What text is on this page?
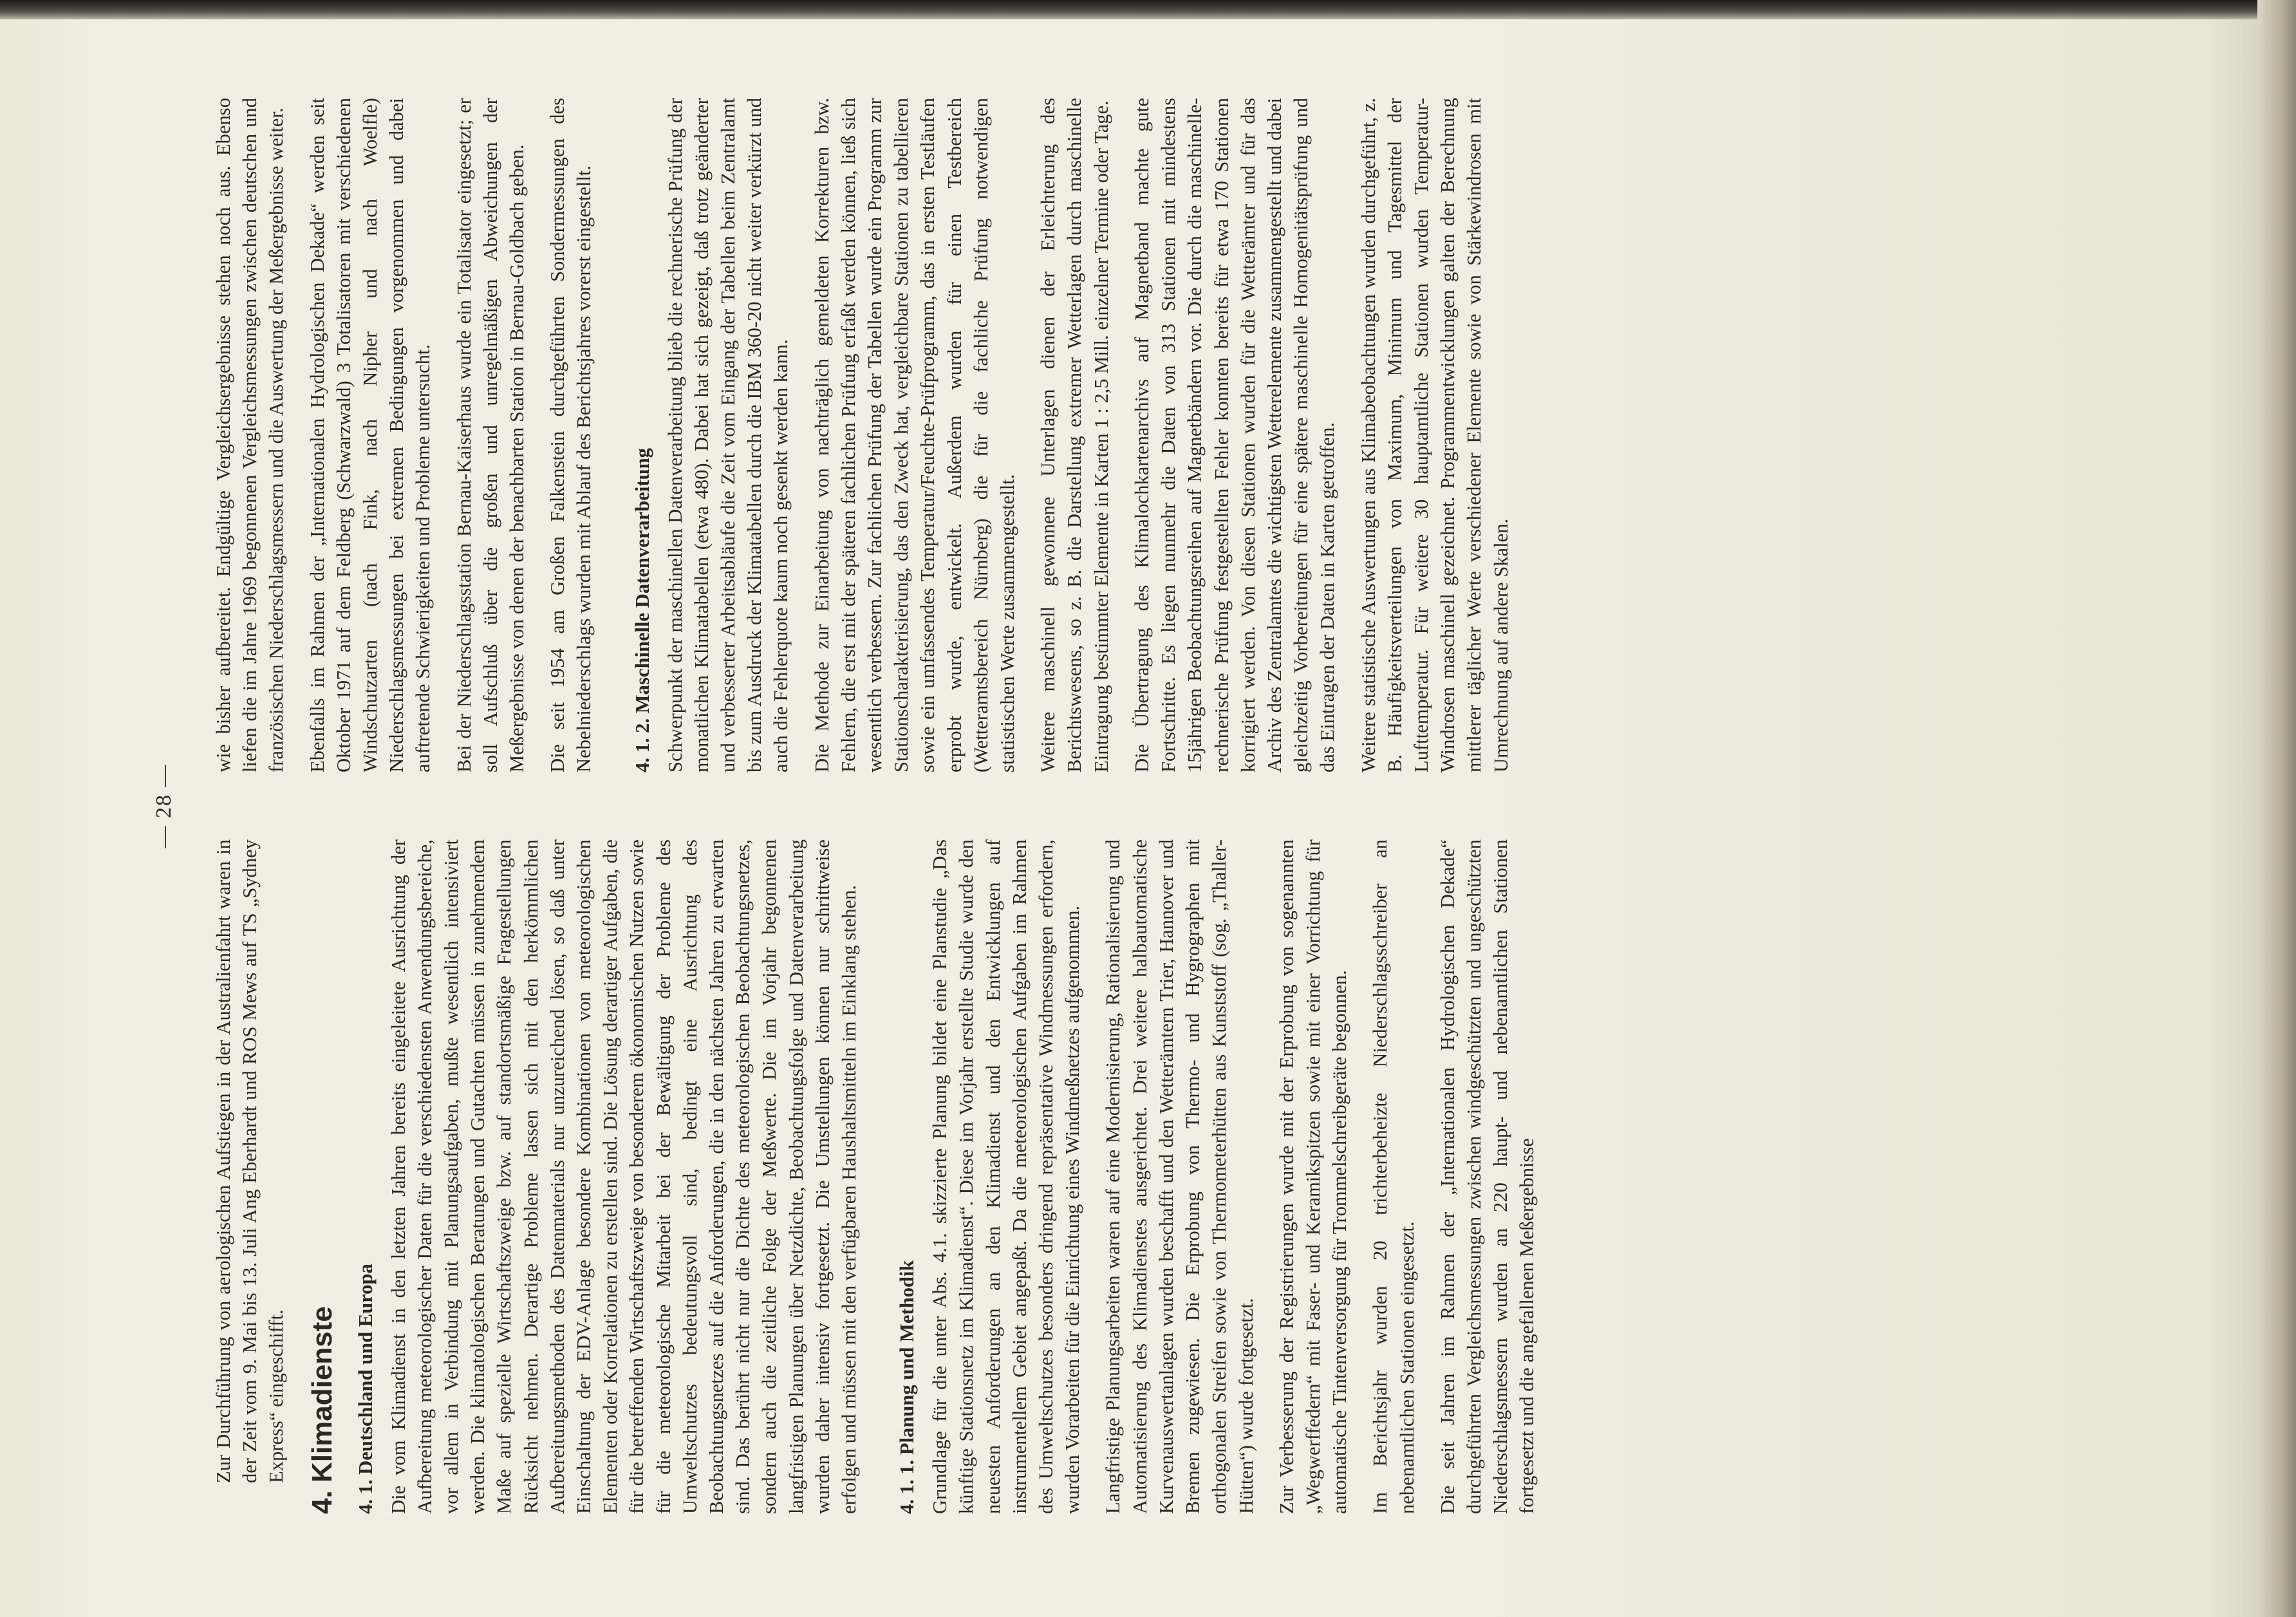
— 28 —

Zur Durchführung von aerologischen Aufstiegen in der Australienfahrt waren in der Zeit vom 9. Mai bis 13. Juli Ang Eberhardt und ROS Mews auf TS „Sydney Express“ eingeschifft. 4. Klimadienste 4. 1. Deutschland und Europa Die vom Klimadienst in den letzten Jahren bereits eingeleitete Ausrichtung der Aufbereitung meteorologischer Daten für die verschiedensten Anwendungsbereiche, vor allem in Verbindung mit Planungsaufgaben, mußte wesentlich intensiviert werden. Die klimatologischen Beratungen und Gutachten müssen in zunehmendem Maße auf spezielle Wirtschaftszweige bzw. auf standortsmäßige Fragestellungen Rücksicht nehmen. Derartige Probleme lassen sich mit den herkömmlichen Aufbereitungsmethoden des Datenmaterials nur unzureichend lösen, so daß unter Einschaltung der EDV-Anlage besondere Kombinationen von meteorologischen Elementen oder Korrelationen zu erstellen sind. Die Lösung derartiger Aufgaben, die für die betreffenden Wirtschaftszweige von besonderem ökonomischen Nutzen sowie für die meteorologische Mitarbeit bei der Bewältigung der Probleme des Umweltschutzes bedeutungsvoll sind, bedingt eine Ausrichtung des Beobachtungsnetzes auf die Anforderungen, die in den nächsten Jahren zu erwarten sind. Das berührt nicht nur die Dichte des meteorologischen Beobachtungsnetzes, sondern auch die zeitliche Folge der Meßwerte. Die im Vorjahr begonnenen langfristigen Planungen über Netzdichte, Beobachtungsfolge und Datenverarbeitung wurden daher intensiv fortgesetzt. Die Umstellungen können nur schrittweise erfolgen und müssen mit den verfügbaren Haushaltsmitteln im Einklang stehen. 4. 1. 1. Planung und Methodik Grundlage für die unter Abs. 4.1. skizzierte Planung bildet eine Planstudie „Das künftige Stationsnetz im Klimadienst“. Diese im Vorjahr erstellte Studie wurde den neuesten Anforderungen an den Klimadienst und den Entwicklungen auf instrumentellem Gebiet angepaßt. Da die meteorologischen Aufgaben im Rahmen des Umweltschutzes besonders dringend repräsentative Windmessungen erfordern, wurden Vorarbeiten für die Einrichtung eines Windmeßnetzes aufgenommen. Langfristige Planungsarbeiten waren auf eine Modernisierung, Rationalisierung und Automatisierung des Klimadienstes ausgerichtet. Drei weitere halbautomatische Kurvenauswertanlagen wurden beschafft und den Wetterämtern Trier, Hannover und Bremen zugewiesen. Die Erprobung von Thermo- und Hygrographen mit orthogonalen Streifen sowie von Thermometerhütten aus Kunststoff (sog. „Thaller-Hütten“) wurde fortgesetzt. Zur Verbesserung der Registrierungen wurde mit der Erprobung von sogenannten „Wegwerffedern“ mit Faser- und Keramikspitzen sowie mit einer Vorrichtung für automatische Tintenversorgung für Trommelschreibgeräte begonnen. Im Berichtsjahr wurden 20 trichterbeheizte Niederschlagsschreiber an nebenamtlichen Stationen eingesetzt. Die seit Jahren im Rahmen der „Internationalen Hydrologischen Dekade“ durchgeführten Vergleichsmessungen zwischen windgeschützten und ungeschützten Niederschlagsmessern wurden an 220 haupt- und nebenamtlichen Stationen fortgesetzt und die angefallenen Meßergebnisse

wie bisher aufbereitet. Endgültige Vergleichsergebnisse stehen noch aus. Ebenso liefen die im Jahre 1969 begonnenen Vergleichsmessungen zwischen deutschen und französischen Niederschlagsmessern und die Auswertung der Meßergebnisse weiter. Ebenfalls im Rahmen der „Internationalen Hydrologischen Dekade“ werden seit Oktober 1971 auf dem Feldberg (Schwarzwald) 3 Totalisatoren mit verschiedenen Windschutzarten (nach Fink, nach Nipher und nach Woelfle) Niederschlagsmessungen bei extremen Bedingungen vorgenommen und dabei auftretende Schwierigkeiten und Probleme untersucht. Bei der Niederschlagsstation Bernau-Kaiserhaus wurde ein Totalisator eingesetzt; er soll Aufschluß über die großen und unregelmäßigen Abweichungen der Meßergebnisse von denen der benachbarten Station in Bernau-Goldbach geben. Die seit 1954 am Großen Falkenstein durchgeführten Sondermessungen des Nebelniederschlags wurden mit Ablauf des Berichtsjahres vorerst eingestellt. 4. 1. 2. Maschinelle Datenverarbeitung Schwerpunkt der maschinellen Datenverarbeitung blieb die rechnerische Prüfung der monatlichen Klimatabellen (etwa 480). Dabei hat sich gezeigt, daß trotz geänderter und verbesserter Arbeitsabläufe die Zeit vom Eingang der Tabellen beim Zentralamt bis zum Ausdruck der Klimatabellen durch die IBM 360-20 nicht weiter verkürzt und auch die Fehlerquote kaum noch gesenkt werden kann. Die Methode zur Einarbeitung von nachträglich gemeldeten Korrekturen bzw. Fehlern, die erst mit der späteren fachlichen Prüfung erfaßt werden können, ließ sich wesentlich verbessern. Zur fachlichen Prüfung der Tabellen wurde ein Programm zur Stationscharakterisierung, das den Zweck hat, vergleichbare Stationen zu tabellieren sowie ein umfassendes Temperatur/Feuchte-Prüfprogramm, das in ersten Testläufen erprobt wurde, entwickelt. Außerdem wurden für einen Testbereich (Wetteramtsbereich Nürnberg) die für die fachliche Prüfung notwendigen statistischen Werte zusammengestellt. Weitere maschinell gewonnene Unterlagen dienen der Erleichterung des Berichtswesens, so z. B. die Darstellung extremer Wetterlagen durch maschinelle Eintragung bestimmter Elemente in Karten 1 : 2,5 Mill. einzelner Termine oder Tage. Die Übertragung des Klimalochkartenarchivs auf Magnetband machte gute Fortschritte. Es liegen nunmehr die Daten von 313 Stationen mit mindestens 15jährigen Beobachtungsreihen auf Magnetbändern vor. Die durch die maschinelle-rechnerische Prüfung festgestellten Fehler konnten bereits für etwa 170 Stationen korrigiert werden. Von diesen Stationen wurden für die Wetterämter und für das Archiv des Zentralamtes die wichtigsten Wetterelemente zusammengestellt und dabei gleichzeitig Vorbereitungen für eine spätere maschinelle Homogenitätsprüfung und das Eintragen der Daten in Karten getroffen. Weitere statistische Auswertungen aus Klimabeobachtungen wurden durchgeführt, z. B. Häufigkeitsverteilungen von Maximum, Minimum und Tagesmittel der Lufttemperatur. Für weitere 30 hauptamtliche Stationen wurden Temperatur-Windrosen maschinell gezeichnet. Programmentwicklungen galten der Berechnung mittlerer täglicher Werte verschiedener Elemente sowie von Stärkewindrosen mit Umrechnung auf andere Skalen.
